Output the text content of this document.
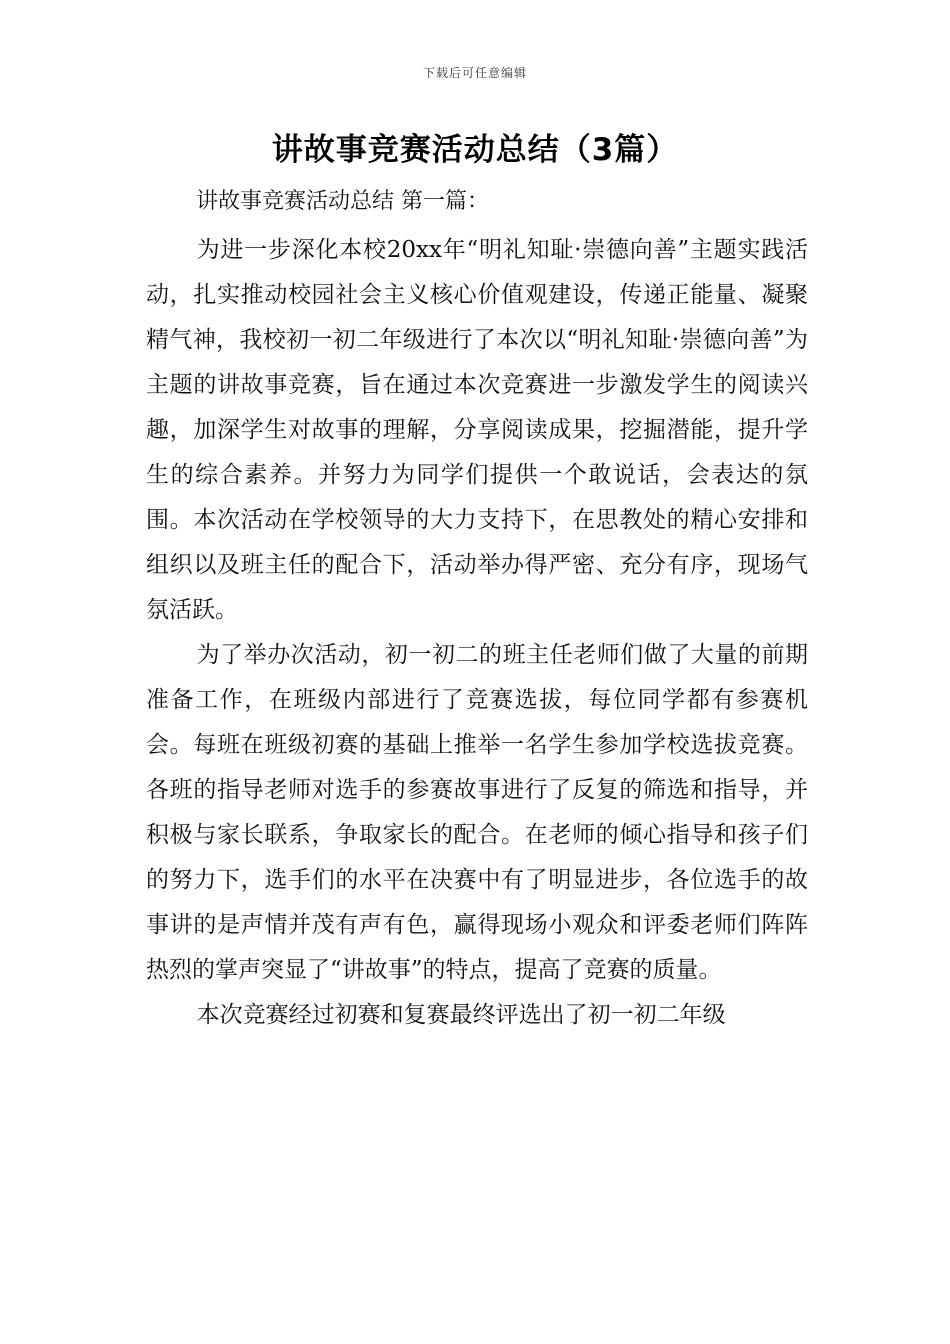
下载后可任意编辑
讲故事竞赛活动总结（3篇）
讲故事竞赛活动总结 第一篇：

为进一步深化本校20xx年“明礼知耻·崇德向善”主题实践活动，扎实推动校园社会主义核心价值观建设，传递正能量、凝聚精气神，我校初一初二年级进行了本次以“明礼知耻·崇德向善”为主题的讲故事竞赛，旨在通过本次竞赛进一步激发学生的阅读兴趣，加深学生对故事的理解，分享阅读成果，挖掘潜能，提升学生的综合素养。并努力为同学们提供一个敢说话，会表达的氛围。本次活动在学校领导的大力支持下，在思教处的精心安排和组织以及班主任的配合下，活动举办得严密、充分有序，现场气氛活跃。

为了举办次活动，初一初二的班主任老师们做了大量的前期准备工作，在班级内部进行了竞赛选拔，每位同学都有参赛机会。每班在班级初赛的基础上推举一名学生参加学校选拔竞赛。各班的指导老师对选手的参赛故事进行了反复的筛选和指导，并积极与家长联系，争取家长的配合。在老师的倾心指导和孩子们的努力下，选手们的水平在决赛中有了明显进步，各位选手的故事讲的是声情并茂有声有色，赢得现场小观众和评委老师们阵阵热烈的掌声突显了“讲故事”的特点，提高了竞赛的质量。

本次竞赛经过初赛和复赛最终评选出了初一初二年级
